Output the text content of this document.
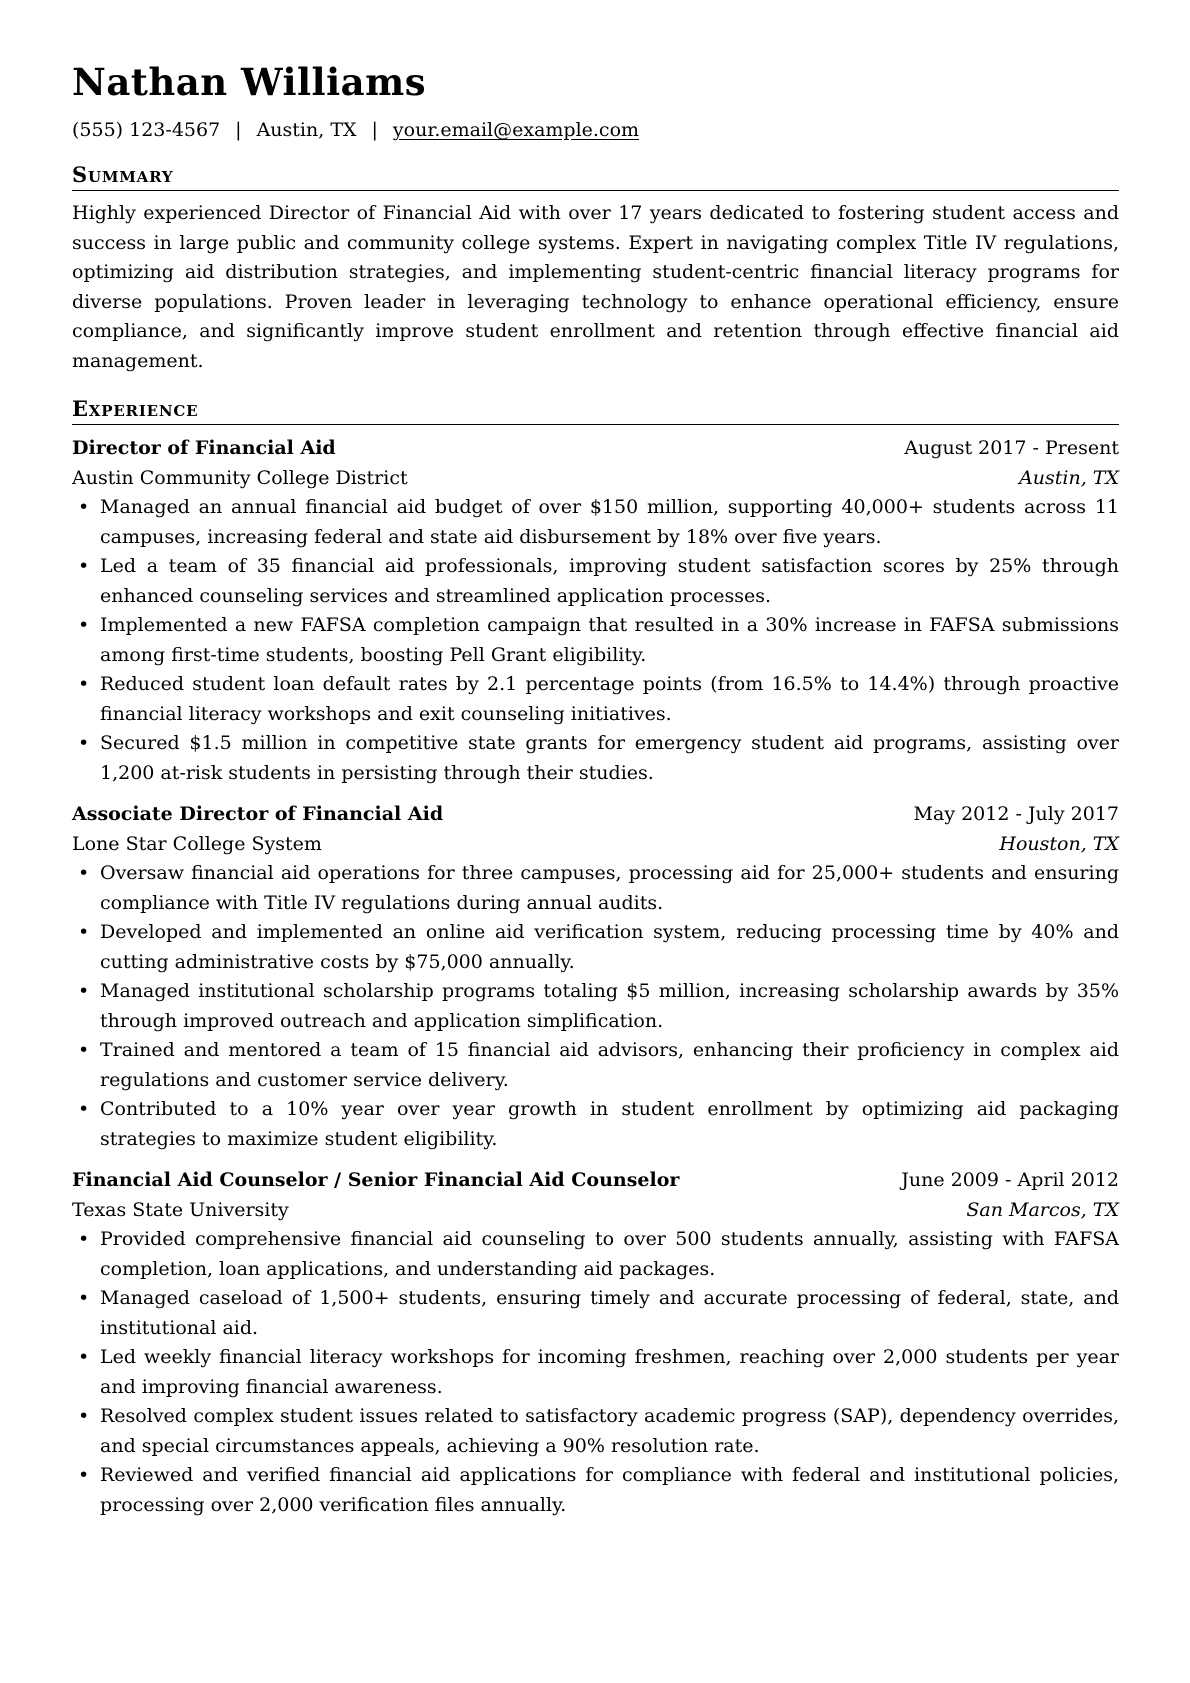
Nathan Williams
(555) 123-4567 | Austin, TX | your.email@example.com
Summary

Highly experienced Director of Financial Aid with over 17 years dedicated to fostering student access and success in large public and community college systems. Expert in navigating complex Title IV regulations, optimizing aid distribution strategies, and implementing student-centric financial literacy programs for diverse populations. Proven leader in leveraging technology to enhance operational efficiency, ensure compliance, and significantly improve student enrollment and retention through effective financial aid management.

Experience
Director of Financial Aid	August 2017 - Present
Austin Community College District	Austin, TX
• Managed an annual financial aid budget of over $150 million, supporting 40,000+ students across 11 campuses, increasing federal and state aid disbursement by 18% over five years.
• Led a team of 35 financial aid professionals, improving student satisfaction scores by 25% through enhanced counseling services and streamlined application processes.
• Implemented a new FAFSA completion campaign that resulted in a 30% increase in FAFSA submissions among first-time students, boosting Pell Grant eligibility.
• Reduced student loan default rates by 2.1 percentage points (from 16.5% to 14.4%) through proactive financial literacy workshops and exit counseling initiatives.
• Secured $1.5 million in competitive state grants for emergency student aid programs, assisting over 1,200 at-risk students in persisting through their studies.
Associate Director of Financial Aid	May 2012 - July 2017
Lone Star College System	Houston, TX
• Oversaw financial aid operations for three campuses, processing aid for 25,000+ students and ensuring compliance with Title IV regulations during annual audits.
• Developed and implemented an online aid verification system, reducing processing time by 40% and cutting administrative costs by $75,000 annually.
• Managed institutional scholarship programs totaling $5 million, increasing scholarship awards by 35% through improved outreach and application simplification.
• Trained and mentored a team of 15 financial aid advisors, enhancing their proficiency in complex aid regulations and customer service delivery.
• Contributed to a 10% year over year growth in student enrollment by optimizing aid packaging strategies to maximize student eligibility.
Financial Aid Counselor / Senior Financial Aid Counselor	June 2009 - April 2012
Texas State University	San Marcos, TX
• Provided comprehensive financial aid counseling to over 500 students annually, assisting with FAFSA completion, loan applications, and understanding aid packages.
• Managed caseload of 1,500+ students, ensuring timely and accurate processing of federal, state, and institutional aid.
• Led weekly financial literacy workshops for incoming freshmen, reaching over 2,000 students per year and improving financial awareness.
• Resolved complex student issues related to satisfactory academic progress (SAP), dependency overrides, and special circumstances appeals, achieving a 90% resolution rate.
• Reviewed and verified financial aid applications for compliance with federal and institutional policies, processing over 2,000 verification files annually.
